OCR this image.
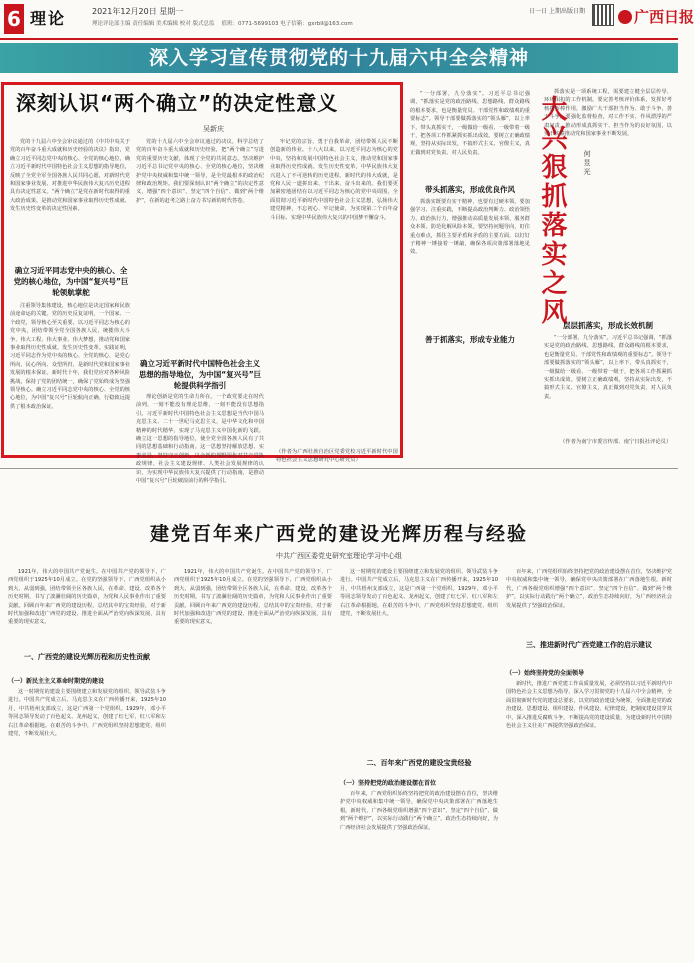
6 理论	2021年12月20日 星期一
理论评论部主编 责任编辑 美术编辑 校对 版式总监 值班：0771-5699103 电子信箱：gxrbll@163.com
日一日 上期出版日期	广西日报
深入学习宣传贯彻党的十九届六中全会精神
深刻认识“两个确立”的决定性意义
吴新庆

党的十九届六中全会审议通过的《中共中央关于党的百年奋斗重大成就和历史经验的决议》指出，党确立习近平同志党中央的核心、全党的核心地位，确立习近平新时代中国特色社会主义思想的指导地位，反映了全党全军全国各族人民共同心愿，对新时代党和国家事业发展、对推进中华民族伟大复兴历史进程具有决定性意义。“两个确立”是党在新时代取得的重大政治成果，是推动党和国家事业取得历史性成就、发生历史性变革的决定性因素。

确立习近平同志党中央的核心、全党的核心地位，为中国“复兴号”巨轮领航掌舵

注重领导集体建设，核心地位是决定国家和民族前途命运的关键。党的历史反复证明，一个国家、一个政党，领导核心至关重要。以习近平同志为核心的党中央，团结带领全党全国各族人民，统揽伟大斗争、伟大工程、伟大事业、伟大梦想，推动党和国家事业取得历史性成就、发生历史性变革。实践证明，习近平同志作为党中央的核心、全党的核心，是党心所向、民心所向、众望所归，是新时代党和国家事业发展的根本保证。新时代十年，我们党应对各种风险挑战，保持了党的团结统一，确保了党始终成为坚强领导核心。确立习近平同志党中央的核心、全党的核心地位，为中国“复兴号”巨轮航向正确、行稳致远提供了根本政治保证。

党的十九届六中全会审议通过的决议，科学总结了党的百年奋斗重大成就和历史经验，把“两个确立”写进党的重要历史文献，体现了全党的共同意志。坚决维护习近平总书记党中央的核心、全党的核心地位，坚决维护党中央权威和集中统一领导，是全党最根本的政治纪律和政治规矩。我们要深刻认识“两个确立”的决定性意义，增强“四个意识”、坚定“四个自信”、做到“两个维护”，在新的赶考之路上奋力书写新的时代答卷。

确立习近平新时代中国特色社会主义思想的指导地位，为中国“复兴号”巨轮提供科学指引

理论创新是党的生命力所在。一个政党要走在时代前列，一刻不能没有理论思维，一刻不能没有思想指引。习近平新时代中国特色社会主义思想是当代中国马克思主义、二十一世纪马克思主义，是中华文化和中国精神的时代精华，实现了马克思主义中国化新的飞跃。确立这一思想的指导地位，使全党全国各族人民有了共同的思想基础和行动指南。这一思想坚持解放思想、实事求是，坚持守正创新，以全新的视野深化对共产党执政规律、社会主义建设规律、人类社会发展规律的认识，为实现中华民族伟大复兴提供了行动指南，是推动中国“复兴号”巨轮破浪前行的科学指引。

牢记党的宗旨，勇于自我革命，团结带领人民不断创造新的伟业。十八大以来，以习近平同志为核心的党中央，坚持和发展中国特色社会主义，推动党和国家事业取得历史性成就、发生历史性变革，中华民族伟大复兴进入了不可逆转的历史进程。新时代的伟大成就，是党和人民一道拼出来、干出来、奋斗出来的。我们要更加紧密地团结在以习近平同志为核心的党中央周围，全面贯彻习近平新时代中国特色社会主义思想，弘扬伟大建党精神，不忘初心、牢记使命，为实现第二个百年奋斗目标、实现中华民族伟大复兴的中国梦不懈奋斗。

“一分部署，九分落实”。习近平总书记强调，“抓落实是党的政治路线、思想路线、群众路线的根本要求，也是衡量党员、干部党性和政绩观的重要标志”。领导干部要做抓落实的“领头雁”，以上率下，带头真抓实干，一级做给一级看、一级带着一级干，把各项工作抓紧抓实抓出成效。要树立正确政绩观，坚持从实际出发，不搞形式主义、官僚主义，真正做到对党负责、对人民负责。

带头抓落实，形成优良作风

抓落实既要有实干精神，也要有过硬本领。要加强学习、注重实践，不断提高政治判断力、政治领悟力、政治执行力，增强推动高质量发展本领、服务群众本领、防范化解风险本领。要坚持问题导向，盯住重点难点，抓住主要矛盾和矛盾的主要方面，以钉钉子精神一锤接着一锤敲，确保各项决策部署落地见效。

善于抓落实，形成专业能力
大兴狠抓落实之风 何昱光

抓落实是一项系统工程，需要建立健全层层传导、环环相扣的工作机制。要完善考核评价体系，发挥好考核指挥棒作用，激励广大干部担当作为、敢于斗争、善于斗争。要强化监督检查，对工作不实、作风漂浮的严肃问责，推动形成真抓实干、担当作为的良好氛围，以实干实绩推动党和国家事业不断发展。

层层抓落实，形成长效机制

“一分部署，九分落实”。习近平总书记强调，“抓落实是党的政治路线、思想路线、群众路线的根本要求，也是衡量党员、干部党性和政绩观的重要标志”。领导干部要做抓落实的“领头雁”，以上率下，带头真抓实干，一级做给一级看、一级带着一级干，把各项工作抓紧抓实抓出成效。要树立正确政绩观，坚持从实际出发，不搞形式主义、官僚主义，真正做到对党负责、对人民负责。

（作者为广西壮族自治区党委党校习近平新时代中国特色社会主义思想研究中心研究员）
（作者为南宁市委宣传部、南宁日报社评论员）
建党百年来广西党的建设光辉历程与经验
中共广西区委党史研究室理论学习中心组

1921年，伟大的中国共产党诞生。在中国共产党的领导下，广西党组织于1925年10月成立。在党的坚强领导下，广西党组织从小到大、从弱到强，团结带领全区各族人民，在革命、建设、改革各个历史时期，书写了波澜壮阔的历史篇章，为党和人民事业作出了重要贡献。回顾百年来广西党的建设历程，总结其中的宝贵经验，对于新时代加强和改进广西党的建设、推进全面从严治党向纵深发展，具有重要的现实意义。

一、广西党的建设光辉历程和历史性贡献
（一）新民主主义革命时期党的建设

这一时期党的建设主要围绕建立和发展党的组织、领导武装斗争进行。中国共产党成立后，马克思主义在广西传播开来，1925年10月，中共梧州支部成立，这是广西第一个党组织。1929年，邓小平等同志领导发动了百色起义、龙州起义，创建了红七军、红八军和左右江革命根据地。在艰苦的斗争中，广西党组织坚持思想建党、组织建党，不断发展壮大。

1921年，伟大的中国共产党诞生。在中国共产党的领导下，广西党组织于1925年10月成立。在党的坚强领导下，广西党组织从小到大、从弱到强，团结带领全区各族人民，在革命、建设、改革各个历史时期，书写了波澜壮阔的历史篇章，为党和人民事业作出了重要贡献。回顾百年来广西党的建设历程，总结其中的宝贵经验，对于新时代加强和改进广西党的建设、推进全面从严治党向纵深发展，具有重要的现实意义。

这一时期党的建设主要围绕建立和发展党的组织、领导武装斗争进行。中国共产党成立后，马克思主义在广西传播开来，1925年10月，中共梧州支部成立，这是广西第一个党组织。1929年，邓小平等同志领导发动了百色起义、龙州起义，创建了红七军、红八军和左右江革命根据地。在艰苦的斗争中，广西党组织坚持思想建党、组织建党，不断发展壮大。

二、百年来广西党的建设宝贵经验
（一）坚持把党的政治建设摆在首位

百年来，广西党组织始终坚持把党的政治建设摆在首位，坚决维护党中央权威和集中统一领导，确保党中央决策部署在广西落地生根。新时代，广西各级党组织增强“四个意识”、坚定“四个自信”、做到“两个维护”，以实际行动践行“两个确立”，政治生态持续向好，为广西经济社会发展提供了坚强政治保证。

百年来，广西党组织始终坚持把党的政治建设摆在首位，坚决维护党中央权威和集中统一领导，确保党中央决策部署在广西落地生根。新时代，广西各级党组织增强“四个意识”、坚定“四个自信”、做到“两个维护”，以实际行动践行“两个确立”，政治生态持续向好，为广西经济社会发展提供了坚强政治保证。

三、推进新时代广西党建工作的启示建议
（一）始终坚持党的全面领导

新时代，推进广西党建工作高质量发展，必须坚持以习近平新时代中国特色社会主义思想为指导，深入学习贯彻党的十九届六中全会精神，全面贯彻新时代党的建设总要求，以党的政治建设为统领，全面推进党的政治建设、思想建设、组织建设、作风建设、纪律建设，把制度建设贯穿其中，深入推进反腐败斗争，不断提高党的建设质量，为建设新时代中国特色社会主义壮美广西提供坚强政治保证。
